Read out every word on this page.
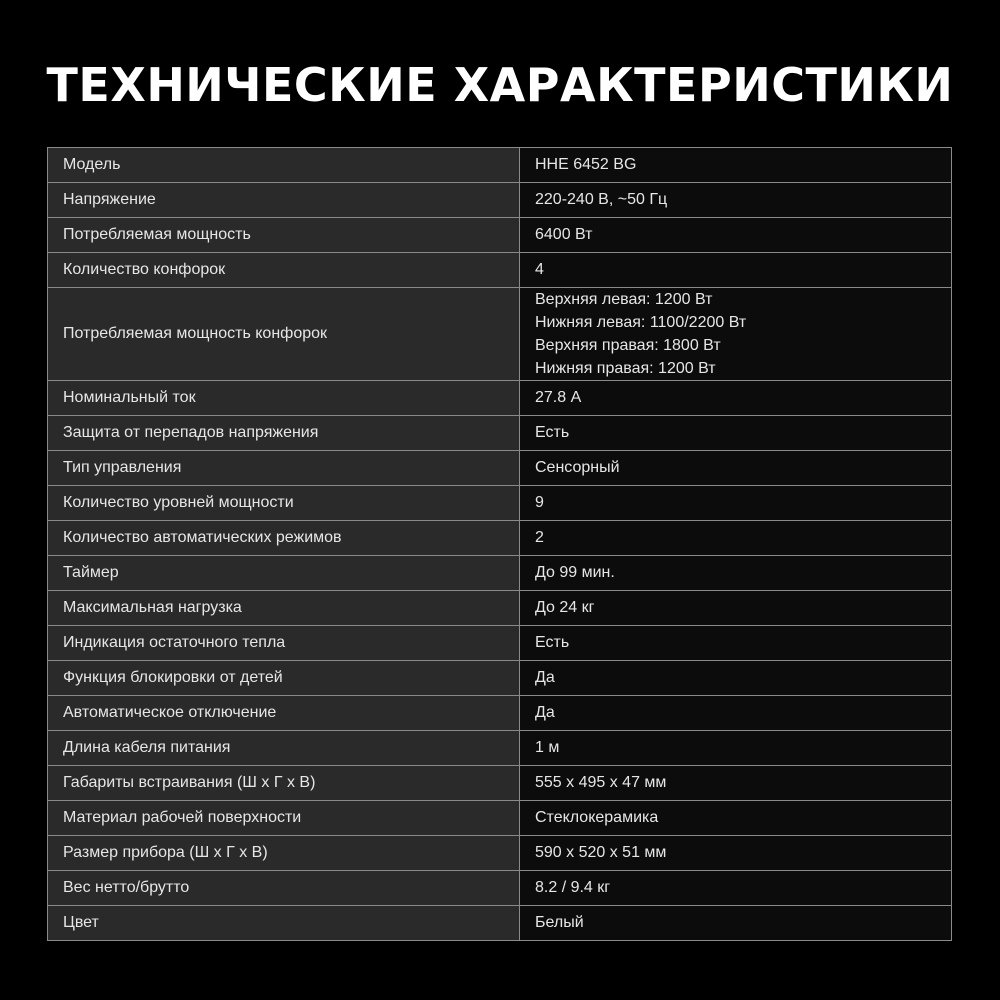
ТЕХНИЧЕСКИЕ ХАРАКТЕРИСТИКИ
Модель	HHE 6452 BG
Напряжение	220-240 В, ~50 Гц
Потребляемая мощность	6400 Вт
Количество конфорок	4
Потребляемая мощность конфорок	Верхняя левая: 1200 Вт
Нижняя левая: 1100/2200 Вт
Верхняя правая: 1800 Вт
Нижняя правая: 1200 Вт

Номинальный ток	27.8 А
Защита от перепадов напряжения	Есть
Тип управления	Сенсорный
Количество уровней мощности	9
Количество автоматических режимов	2
Таймер	До 99 мин.
Максимальная нагрузка	До 24 кг
Индикация остаточного тепла	Есть
Функция блокировки от детей	Да
Автоматическое отключение	Да
Длина кабеля питания	1 м
Габариты встраивания (Ш х Г х В)	555 х 495 х 47 мм
Материал рабочей поверхности	Стеклокерамика
Размер прибора (Ш х Г х В)	590 х 520 х 51 мм
Вес нетто/брутто	8.2 / 9.4 кг
Цвет	Белый
